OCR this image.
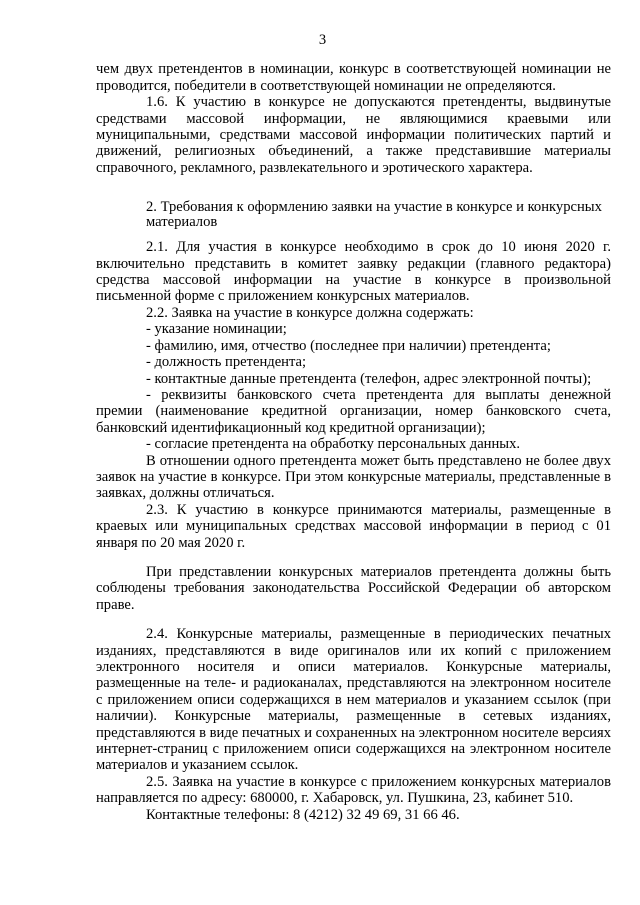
3

чем двух претендентов в номинации, конкурс в соответствующей номинации не проводится, победители в соответствующей номинации не определяются.

1.6. К участию в конкурсе не допускаются претенденты, выдвинутые средствами массовой информации, не являющимися краевыми или муниципальными, средствами массовой информации политических партий и движений, религиозных объединений, а также представившие материалы справочного, рекламного, развлекательного и эротического характера.

2. Требования к оформлению заявки на участие в конкурсе и конкурсных материалов

2.1. Для участия в конкурсе необходимо в срок до 10 июня 2020 г. включительно представить в комитет заявку редакции (главного редактора) средства массовой информации на участие в конкурсе в произвольной письменной форме с приложением конкурсных материалов.

2.2. Заявка на участие в конкурсе должна содержать:

- указание номинации;

- фамилию, имя, отчество (последнее при наличии) претендента;

- должность претендента;

- контактные данные претендента (телефон, адрес электронной почты);

- реквизиты банковского счета претендента для выплаты денежной премии (наименование кредитной организации, номер банковского счета, банковский идентификационный код кредитной организации);

- согласие претендента на обработку персональных данных.

В отношении одного претендента может быть представлено не более двух заявок на участие в конкурсе. При этом конкурсные материалы, представленные в заявках, должны отличаться.

2.3. К участию в конкурсе принимаются материалы, размещенные в краевых или муниципальных средствах массовой информации в период с 01 января по 20 мая 2020 г.

При представлении конкурсных материалов претендента должны быть соблюдены требования законодательства Российской Федерации об авторском праве.

2.4. Конкурсные материалы, размещенные в периодических печатных изданиях, представляются в виде оригиналов или их копий с приложением электронного носителя и описи материалов. Конкурсные материалы, размещенные на теле- и радиоканалах, представляются на электронном носителе с приложением описи содержащихся в нем материалов и указанием ссылок (при наличии). Конкурсные материалы, размещенные в сетевых изданиях, представляются в виде печатных и сохраненных на электронном носителе версиях интернет-страниц с приложением описи содержащихся на электронном носителе материалов и указанием ссылок.

2.5. Заявка на участие в конкурсе с приложением конкурсных материалов направляется по адресу: 680000, г. Хабаровск, ул. Пушкина, 23, кабинет 510.

Контактные телефоны: 8 (4212) 32 49 69, 31 66 46.
